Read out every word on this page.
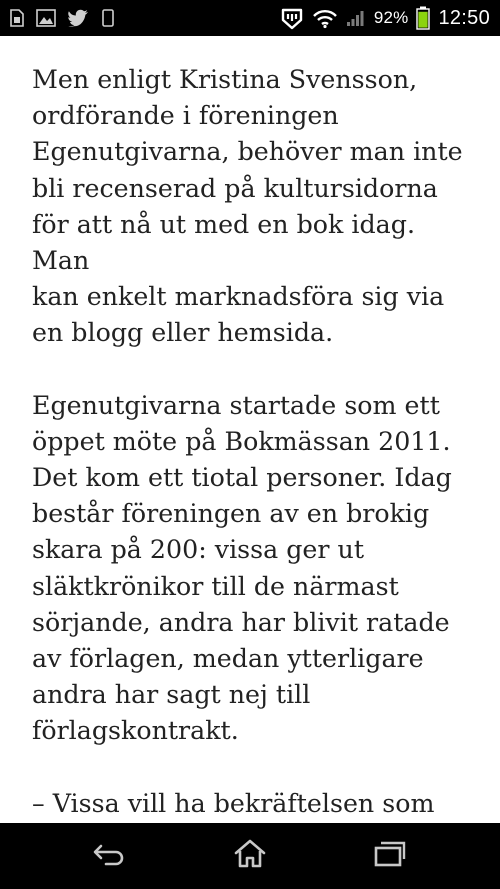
92% 12:50

Men enligt Kristina Svensson,
ordförande i föreningen
Egenutgivarna, behöver man inte
bli recenserad på kultursidorna
för att nå ut med en bok idag. Man
kan enkelt marknadsföra sig via
en blogg eller hemsida.

Egenutgivarna startade som ett
öppet möte på Bokmässan 2011.
Det kom ett tiotal personer. Idag
består föreningen av en brokig
skara på 200: vissa ger ut
släktkrönikor till de närmast
sörjande, andra har blivit ratade
av förlagen, medan ytterligare
andra har sagt nej till
förlagskontrakt.

– Vissa vill ha bekräftelsen som
